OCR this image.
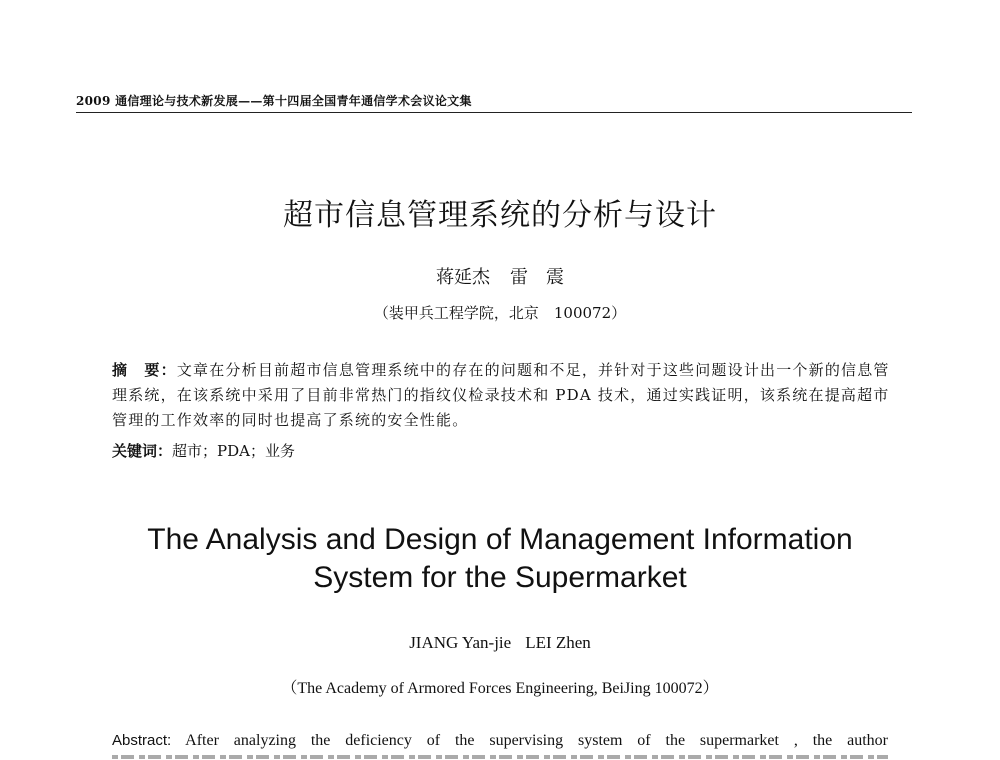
2009 通信理论与技术新发展——第十四届全国青年通信学术会议论文集
超市信息管理系统的分析与设计
蒋延杰 雷　震
（装甲兵工程学院，北京　100072）
摘　要：文章在分析目前超市信息管理系统中的存在的问题和不足，并针对于这些问题设计出一个新的信息管理系统，在该系统中采用了目前非常热门的指纹仪检录技术和 PDA 技术，通过实践证明，该系统在提高超市管理的工作效率的同时也提高了系统的安全性能。
关键词：超市；PDA；业务
The Analysis and Design of Management Information
System for the Supermarket
JIANG Yan-jie LEI Zhen
（The Academy of Armored Forces Engineering, BeiJing 100072）
Abstract: After analyzing the deficiency of the supervising system of the supermarket , the author
